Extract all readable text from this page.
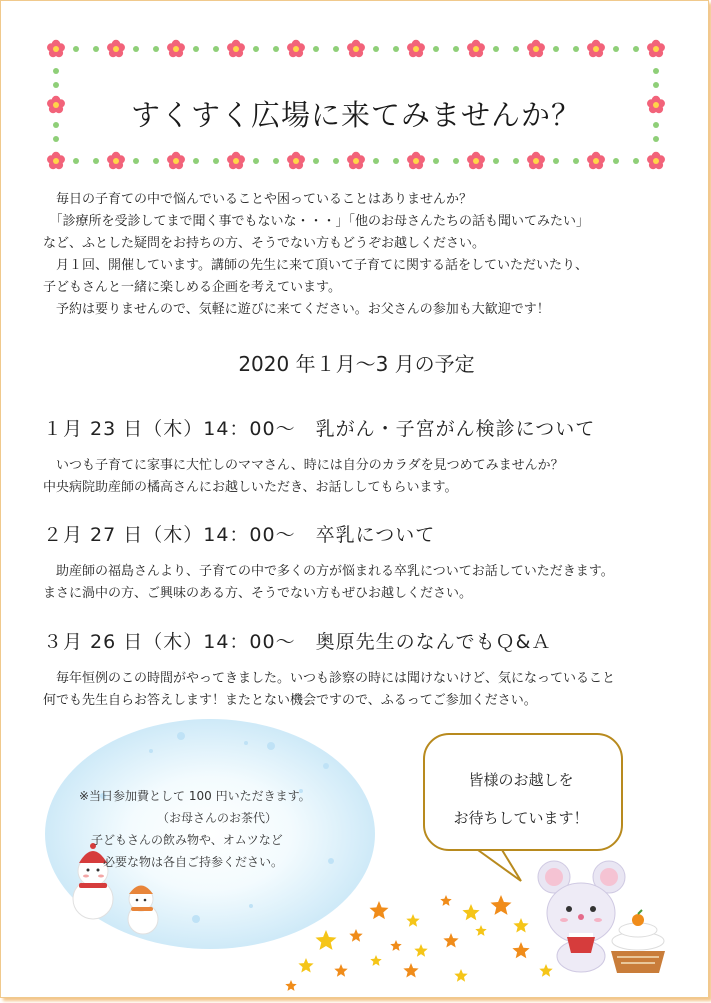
すくすく広場に来てみませんか？

　毎日の子育ての中で悩んでいることや困っていることはありませんか？

　「診療所を受診してまで聞く事でもないな・・・」「他のお母さんたちの話も聞いてみたい」

など、ふとした疑問をお持ちの方、そうでない方もどうぞお越しください。

　月１回、開催しています。講師の先生に来て頂いて子育てに関する話をしていただいたり、

子どもさんと一緒に楽しめる企画を考えています。

　予約は要りませんので、気軽に遊びに来てください。お父さんの参加も大歓迎です！

2020 年１月～3 月の予定
１月 23 日（木）14：00～　乳がん・子宮がん検診について

　いつも子育てに家事に大忙しのママさん、時には自分のカラダを見つめてみませんか？

中央病院助産師の橘高さんにお越しいただき、お話ししてもらいます。

２月 27 日（木）14：00～　卒乳について

　助産師の福島さんより、子育ての中で多くの方が悩まれる卒乳についてお話していただきます。

まさに渦中の方、ご興味のある方、そうでない方もぜひお越しください。

３月 26 日（木）14：00～　奥原先生のなんでもＱ&Ａ

　毎年恒例のこの時間がやってきました。いつも診察の時には聞けないけど、気になっていること

何でも先生自らお答えします！またとない機会ですので、ふるってご参加ください。

※当日参加費として 100 円いただきます。

　　　　　　　（お母さんのお茶代）

　子どもさんの飲み物や、オムツなど

　　必要な物は各自ご持参ください。

皆様のお越しを

お待ちしています！
